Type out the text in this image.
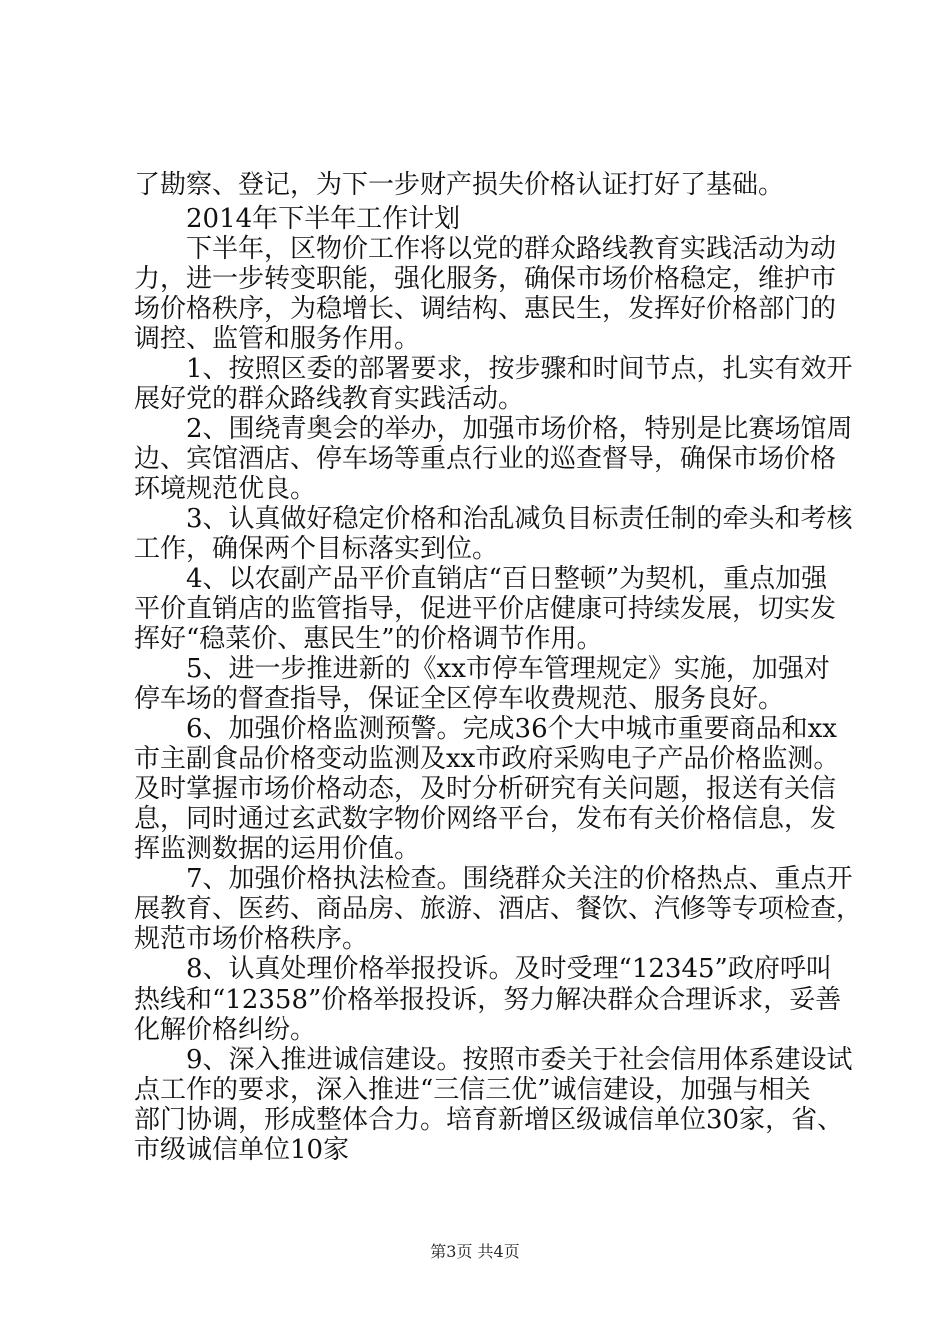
了勘察、登记，为下一步财产损失价格认证打好了基础。
　　2014年下半年工作计划
　　下半年，区物价工作将以党的群众路线教育实践活动为动
力，进一步转变职能，强化服务，确保市场价格稳定，维护市
场价格秩序，为稳增长、调结构、惠民生，发挥好价格部门的
调控、监管和服务作用。
　　1、按照区委的部署要求，按步骤和时间节点，扎实有效开
展好党的群众路线教育实践活动。
　　2、围绕青奥会的举办，加强市场价格，特别是比赛场馆周
边、宾馆酒店、停车场等重点行业的巡查督导，确保市场价格
环境规范优良。
　　3、认真做好稳定价格和治乱减负目标责任制的牵头和考核
工作，确保两个目标落实到位。
　　4、以农副产品平价直销店“百日整顿”为契机，重点加强
平价直销店的监管指导，促进平价店健康可持续发展，切实发
挥好“稳菜价、惠民生”的价格调节作用。
　　5、进一步推进新的《xx市停车管理规定》实施，加强对
停车场的督查指导，保证全区停车收费规范、服务良好。
　　6、加强价格监测预警。完成36个大中城市重要商品和xx
市主副食品价格变动监测及xx市政府采购电子产品价格监测。
及时掌握市场价格动态，及时分析研究有关问题，报送有关信
息，同时通过玄武数字物价网络平台，发布有关价格信息，发
挥监测数据的运用价值。
　　7、加强价格执法检查。围绕群众关注的价格热点、重点开
展教育、医药、商品房、旅游、酒店、餐饮、汽修等专项检查，
规范市场价格秩序。
　　8、认真处理价格举报投诉。及时受理“12345”政府呼叫
热线和“12358”价格举报投诉，努力解决群众合理诉求，妥善
化解价格纠纷。
　　9、深入推进诚信建设。按照市委关于社会信用体系建设试
点工作的要求，深入推进“三信三优”诚信建设，加强与相关
部门协调，形成整体合力。培育新增区级诚信单位30家，省、
市级诚信单位10家
第3页 共4页
